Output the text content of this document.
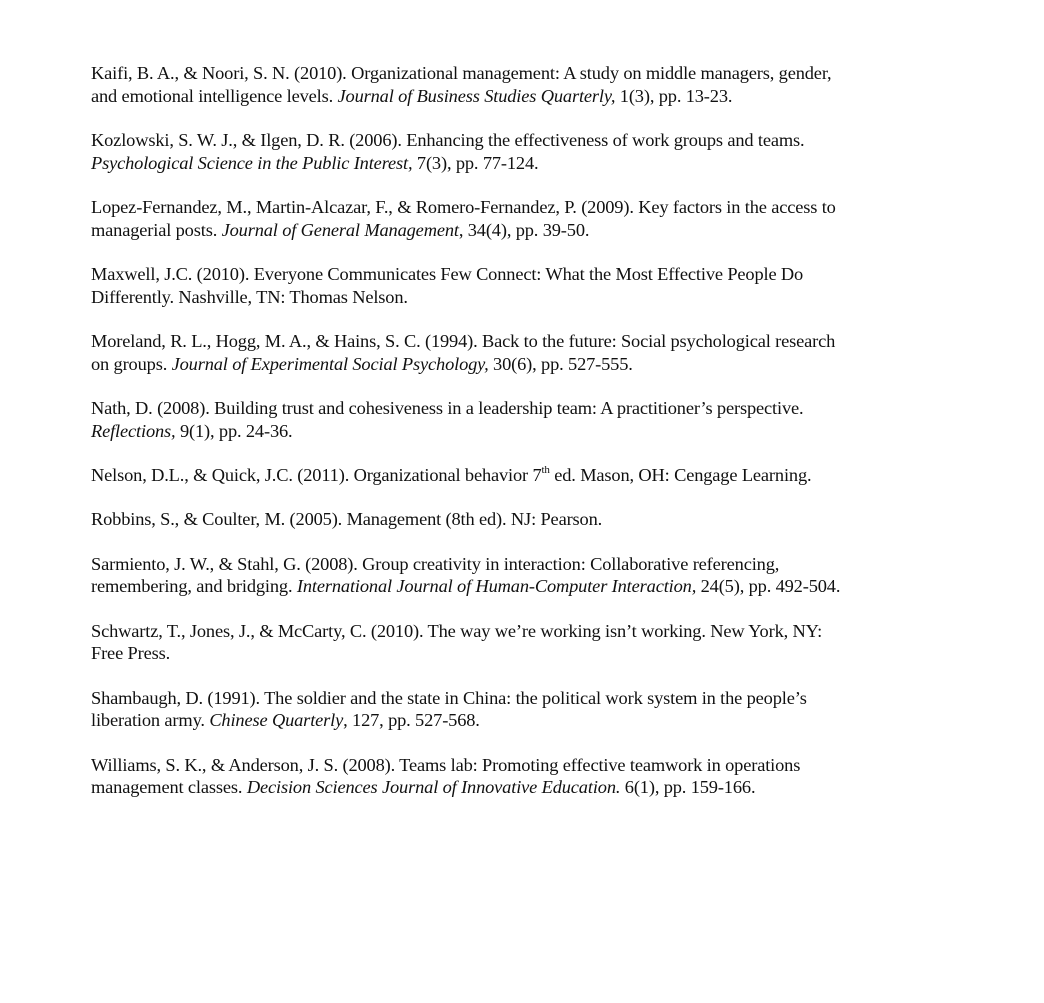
Kaifi, B. A., & Noori, S. N. (2010). Organizational management: A study on middle managers, gender,
and emotional intelligence levels. Journal of Business Studies Quarterly, 1(3), pp. 13-23.

Kozlowski, S. W. J., & Ilgen, D. R. (2006). Enhancing the effectiveness of work groups and teams.
Psychological Science in the Public Interest, 7(3), pp. 77-124.

Lopez-Fernandez, M., Martin-Alcazar, F., & Romero-Fernandez, P. (2009). Key factors in the access to
managerial posts. Journal of General Management, 34(4), pp. 39-50.

Maxwell, J.C. (2010). Everyone Communicates Few Connect: What the Most Effective People Do
Differently. Nashville, TN: Thomas Nelson.

Moreland, R. L., Hogg, M. A., & Hains, S. C. (1994). Back to the future: Social psychological research
on groups. Journal of Experimental Social Psychology, 30(6), pp. 527-555.

Nath, D. (2008). Building trust and cohesiveness in a leadership team: A practitioner’s perspective.
Reflections, 9(1), pp. 24-36.

Nelson, D.L., & Quick, J.C. (2011). Organizational behavior 7th ed. Mason, OH: Cengage Learning.

Robbins, S., & Coulter, M. (2005). Management (8th ed). NJ: Pearson.

Sarmiento, J. W., & Stahl, G. (2008). Group creativity in interaction: Collaborative referencing,
remembering, and bridging. International Journal of Human-Computer Interaction, 24(5), pp. 492-504.

Schwartz, T., Jones, J., & McCarty, C. (2010). The way we’re working isn’t working. New York, NY:
Free Press.

Shambaugh, D. (1991). The soldier and the state in China: the political work system in the people’s
liberation army. Chinese Quarterly, 127, pp. 527-568.

Williams, S. K., & Anderson, J. S. (2008). Teams lab: Promoting effective teamwork in operations
management classes. Decision Sciences Journal of Innovative Education. 6(1), pp. 159-166.
